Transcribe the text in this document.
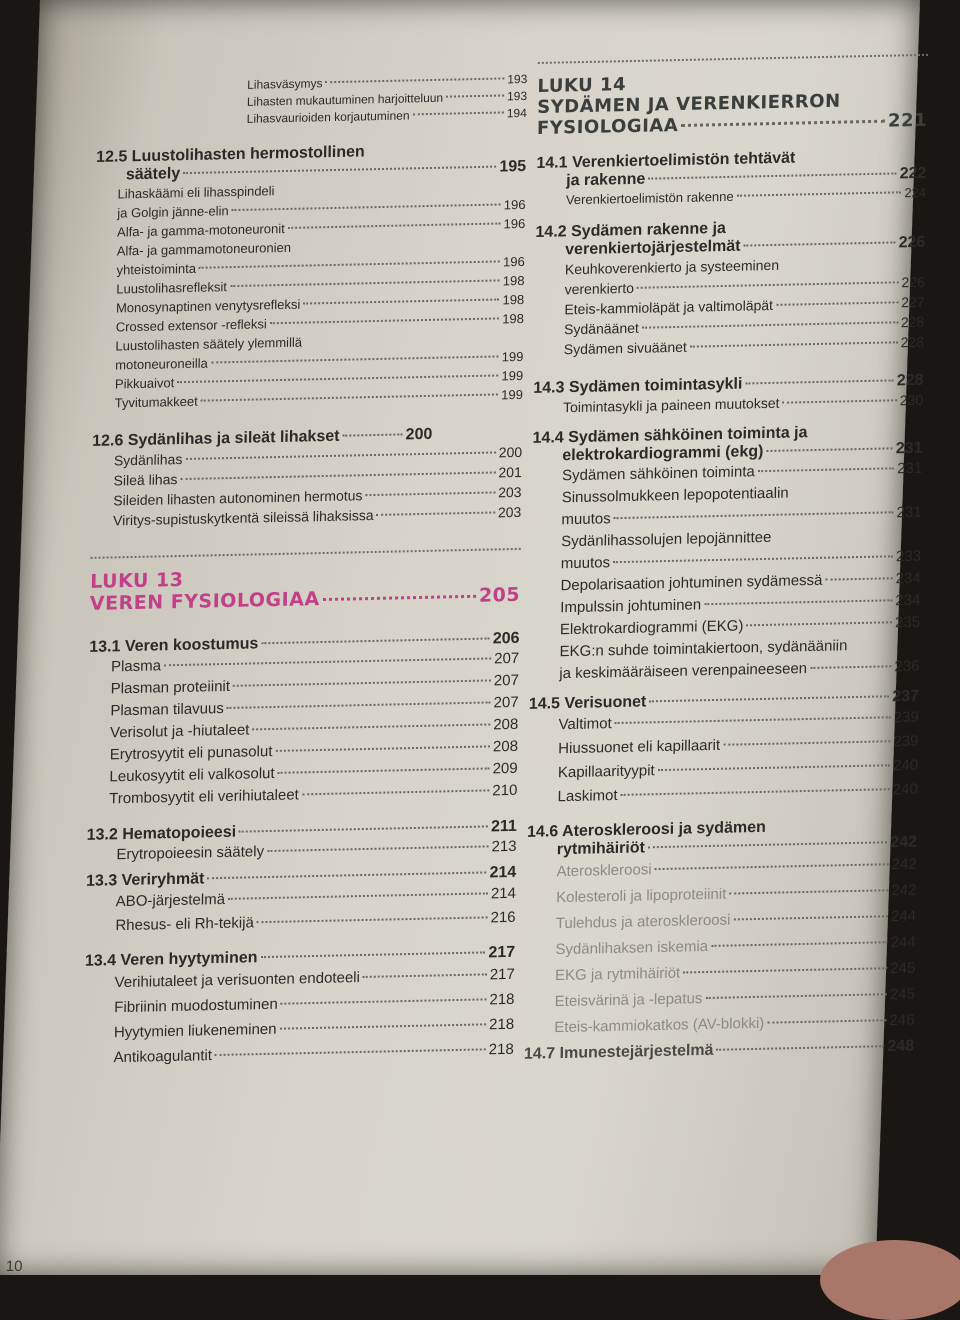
Lihasväsymys	193
Lihasten mukautuminen harjoitteluun	193
Lihasvaurioiden korjautuminen	194
12.5 Luustolihasten hermostollinen
säätely	195
Lihaskäämi eli lihasspindeli
ja Golgin jänne-elin	196
Alfa- ja gamma-motoneuronit	196
Alfa- ja gammamotoneuronien
yhteistoiminta	196
Luustolihasrefleksit	198
Monosynaptinen venytysrefleksi	198
Crossed extensor -refleksi	198
Luustolihasten säätely ylemmillä
motoneuroneilla	199
Pikkuaivot	199
Tyvitumakkeet	199
12.6 Sydänlihas ja sileät lihakset	200
Sydänlihas	200
Sileä lihas	201
Sileiden lihasten autonominen hermotus	203
Viritys-supistuskytkentä sileissä lihaksissa	203
LUKU 13
VEREN FYSIOLOGIAA	205
13.1 Veren koostumus	206
Plasma	207
Plasman proteiinit	207
Plasman tilavuus	207
Verisolut ja -hiutaleet	208
Erytrosyytit eli punasolut	208
Leukosyytit eli valkosolut	209
Trombosyytit eli verihiutaleet	210
13.2 Hematopoieesi	211
Erytropoieesin säätely	213
13.3 Veriryhmät	214
ABO-järjestelmä	214
Rhesus- eli Rh-tekijä	216
13.4 Veren hyytyminen	217
Verihiutaleet ja verisuonten endoteeli	217
Fibriinin muodostuminen	218
Hyytymien liukeneminen	218
Antikoagulantit	218
LUKU 14
SYDÄMEN JA VERENKIERRON
FYSIOLOGIAA	221
14.1 Verenkiertoelimistön tehtävät
ja rakenne	222
Verenkiertoelimistön rakenne	224
14.2 Sydämen rakenne ja
verenkiertojärjestelmät	226
Keuhkoverenkierto ja systeeminen
verenkierto	226
Eteis-kammioläpät ja valtimoläpät	227
Sydänäänet	228
Sydämen sivuäänet	228
14.3 Sydämen toimintasykli	228
Toimintasykli ja paineen muutokset	230
14.4 Sydämen sähköinen toiminta ja
elektrokardiogrammi (ekg)	231
Sydämen sähköinen toiminta	231
Sinussolmukkeen lepopotentiaalin
muutos	231
Sydänlihassolujen lepojännittee
muutos	233
Depolarisaation johtuminen sydämessä	234
Impulssin johtuminen	234
Elektrokardiogrammi (EKG)	235
EKG:n suhde toimintakiertoon, sydänääniin
ja keskimääräiseen verenpaineeseen	236
14.5 Verisuonet	237
Valtimot	239
Hiussuonet eli kapillaarit	239
Kapillaarityypit	240
Laskimot	240
14.6 Ateroskleroosi ja sydämen
rytmihäiriöt	242
Ateroskleroosi	242
Kolesteroli ja lipoproteiinit	242
Tulehdus ja ateroskleroosi	244
Sydänlihaksen iskemia	244
EKG ja rytmihäiriöt	245
Eteisvärinä ja -lepatus	245
Eteis-kammiokatkos (AV-blokki)	246
14.7 Imunestejärjestelmä	248
10
